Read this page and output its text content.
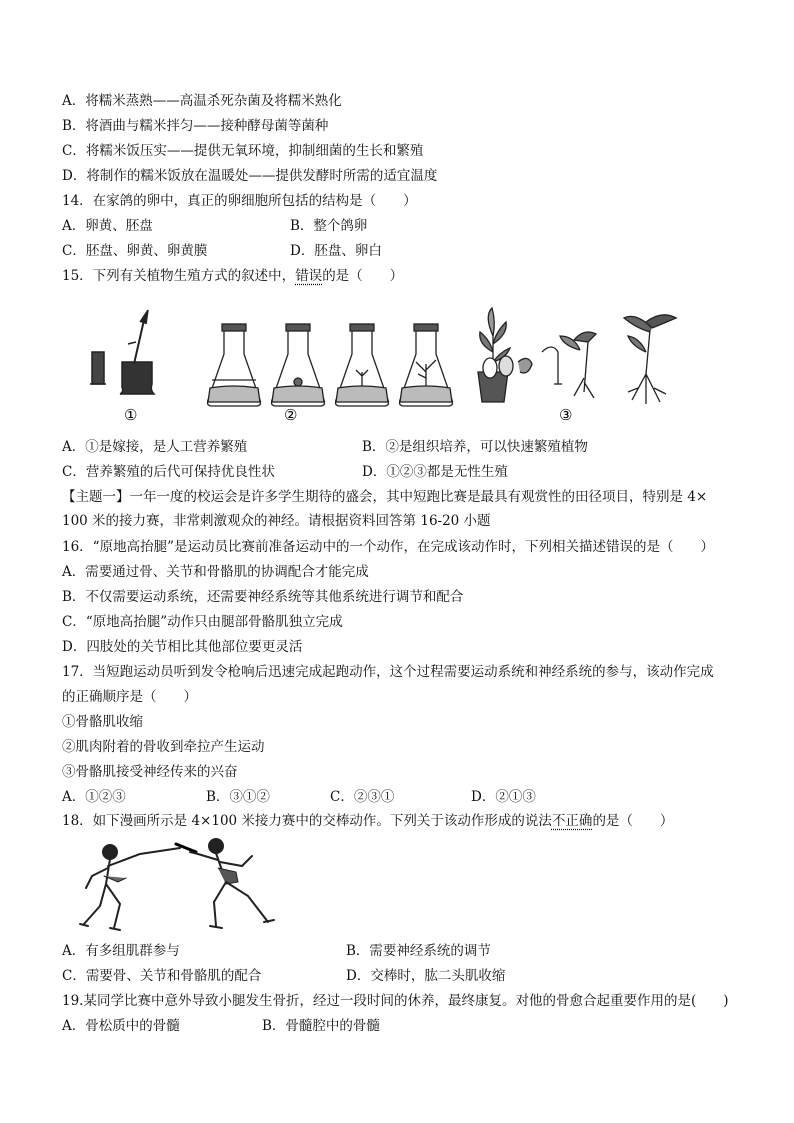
A．将糯米蒸熟——高温杀死杂菌及将糯米熟化
B．将酒曲与糯米拌匀——接种酵母菌等菌种
C．将糯米饭压实——提供无氧环境，抑制细菌的生长和繁殖
D．将制作的糯米饭放在温暖处——提供发酵时所需的适宜温度
14．在家鸽的卵中，真正的卵细胞所包括的结构是（　　）
A．卵黄、胚盘	B．整个鸽卵
C．胚盘、卵黄、卵黄膜	D．胚盘、卵白
15．下列有关植物生殖方式的叙述中，错误的是（　　）
①	②	③
A．①是嫁接，是人工营养繁殖	B．②是组织培养，可以快速繁殖植物
C．营养繁殖的后代可保持优良性状	D．①②③都是无性生殖
【主题一】一年一度的校运会是许多学生期待的盛会，其中短跑比赛是最具有观赏性的田径项目，特别是 4×
100 米的接力赛，非常刺激观众的神经。请根据资料回答第 16-20 小题
16．“原地高抬腿”是运动员比赛前准备运动中的一个动作，在完成该动作时，下列相关描述错误的是（　　）
A．需要通过骨、关节和骨骼肌的协调配合才能完成
B．不仅需要运动系统，还需要神经系统等其他系统进行调节和配合
C．“原地高抬腿”动作只由腿部骨骼肌独立完成
D．四肢处的关节相比其他部位要更灵活
17．当短跑运动员听到发令枪响后迅速完成起跑动作，这个过程需要运动系统和神经系统的参与，该动作完成
的正确顺序是（　　）
①骨骼肌收缩
②肌肉附着的骨收到牵拉产生运动
③骨骼肌接受神经传来的兴奋
A．①②③	B．③①②	C．②③①	D．②①③
18．如下漫画所示是 4×100 米接力赛中的交棒动作。下列关于该动作形成的说法不正确的是（　　）
A．有多组肌群参与	B．需要神经系统的调节
C．需要骨、关节和骨骼肌的配合	D．交棒时，肱二头肌收缩
19.某同学比赛中意外导致小腿发生骨折，经过一段时间的休养，最终康复。对他的骨愈合起重要作用的是(　　)
A．骨松质中的骨髓	B．骨髓腔中的骨髓
